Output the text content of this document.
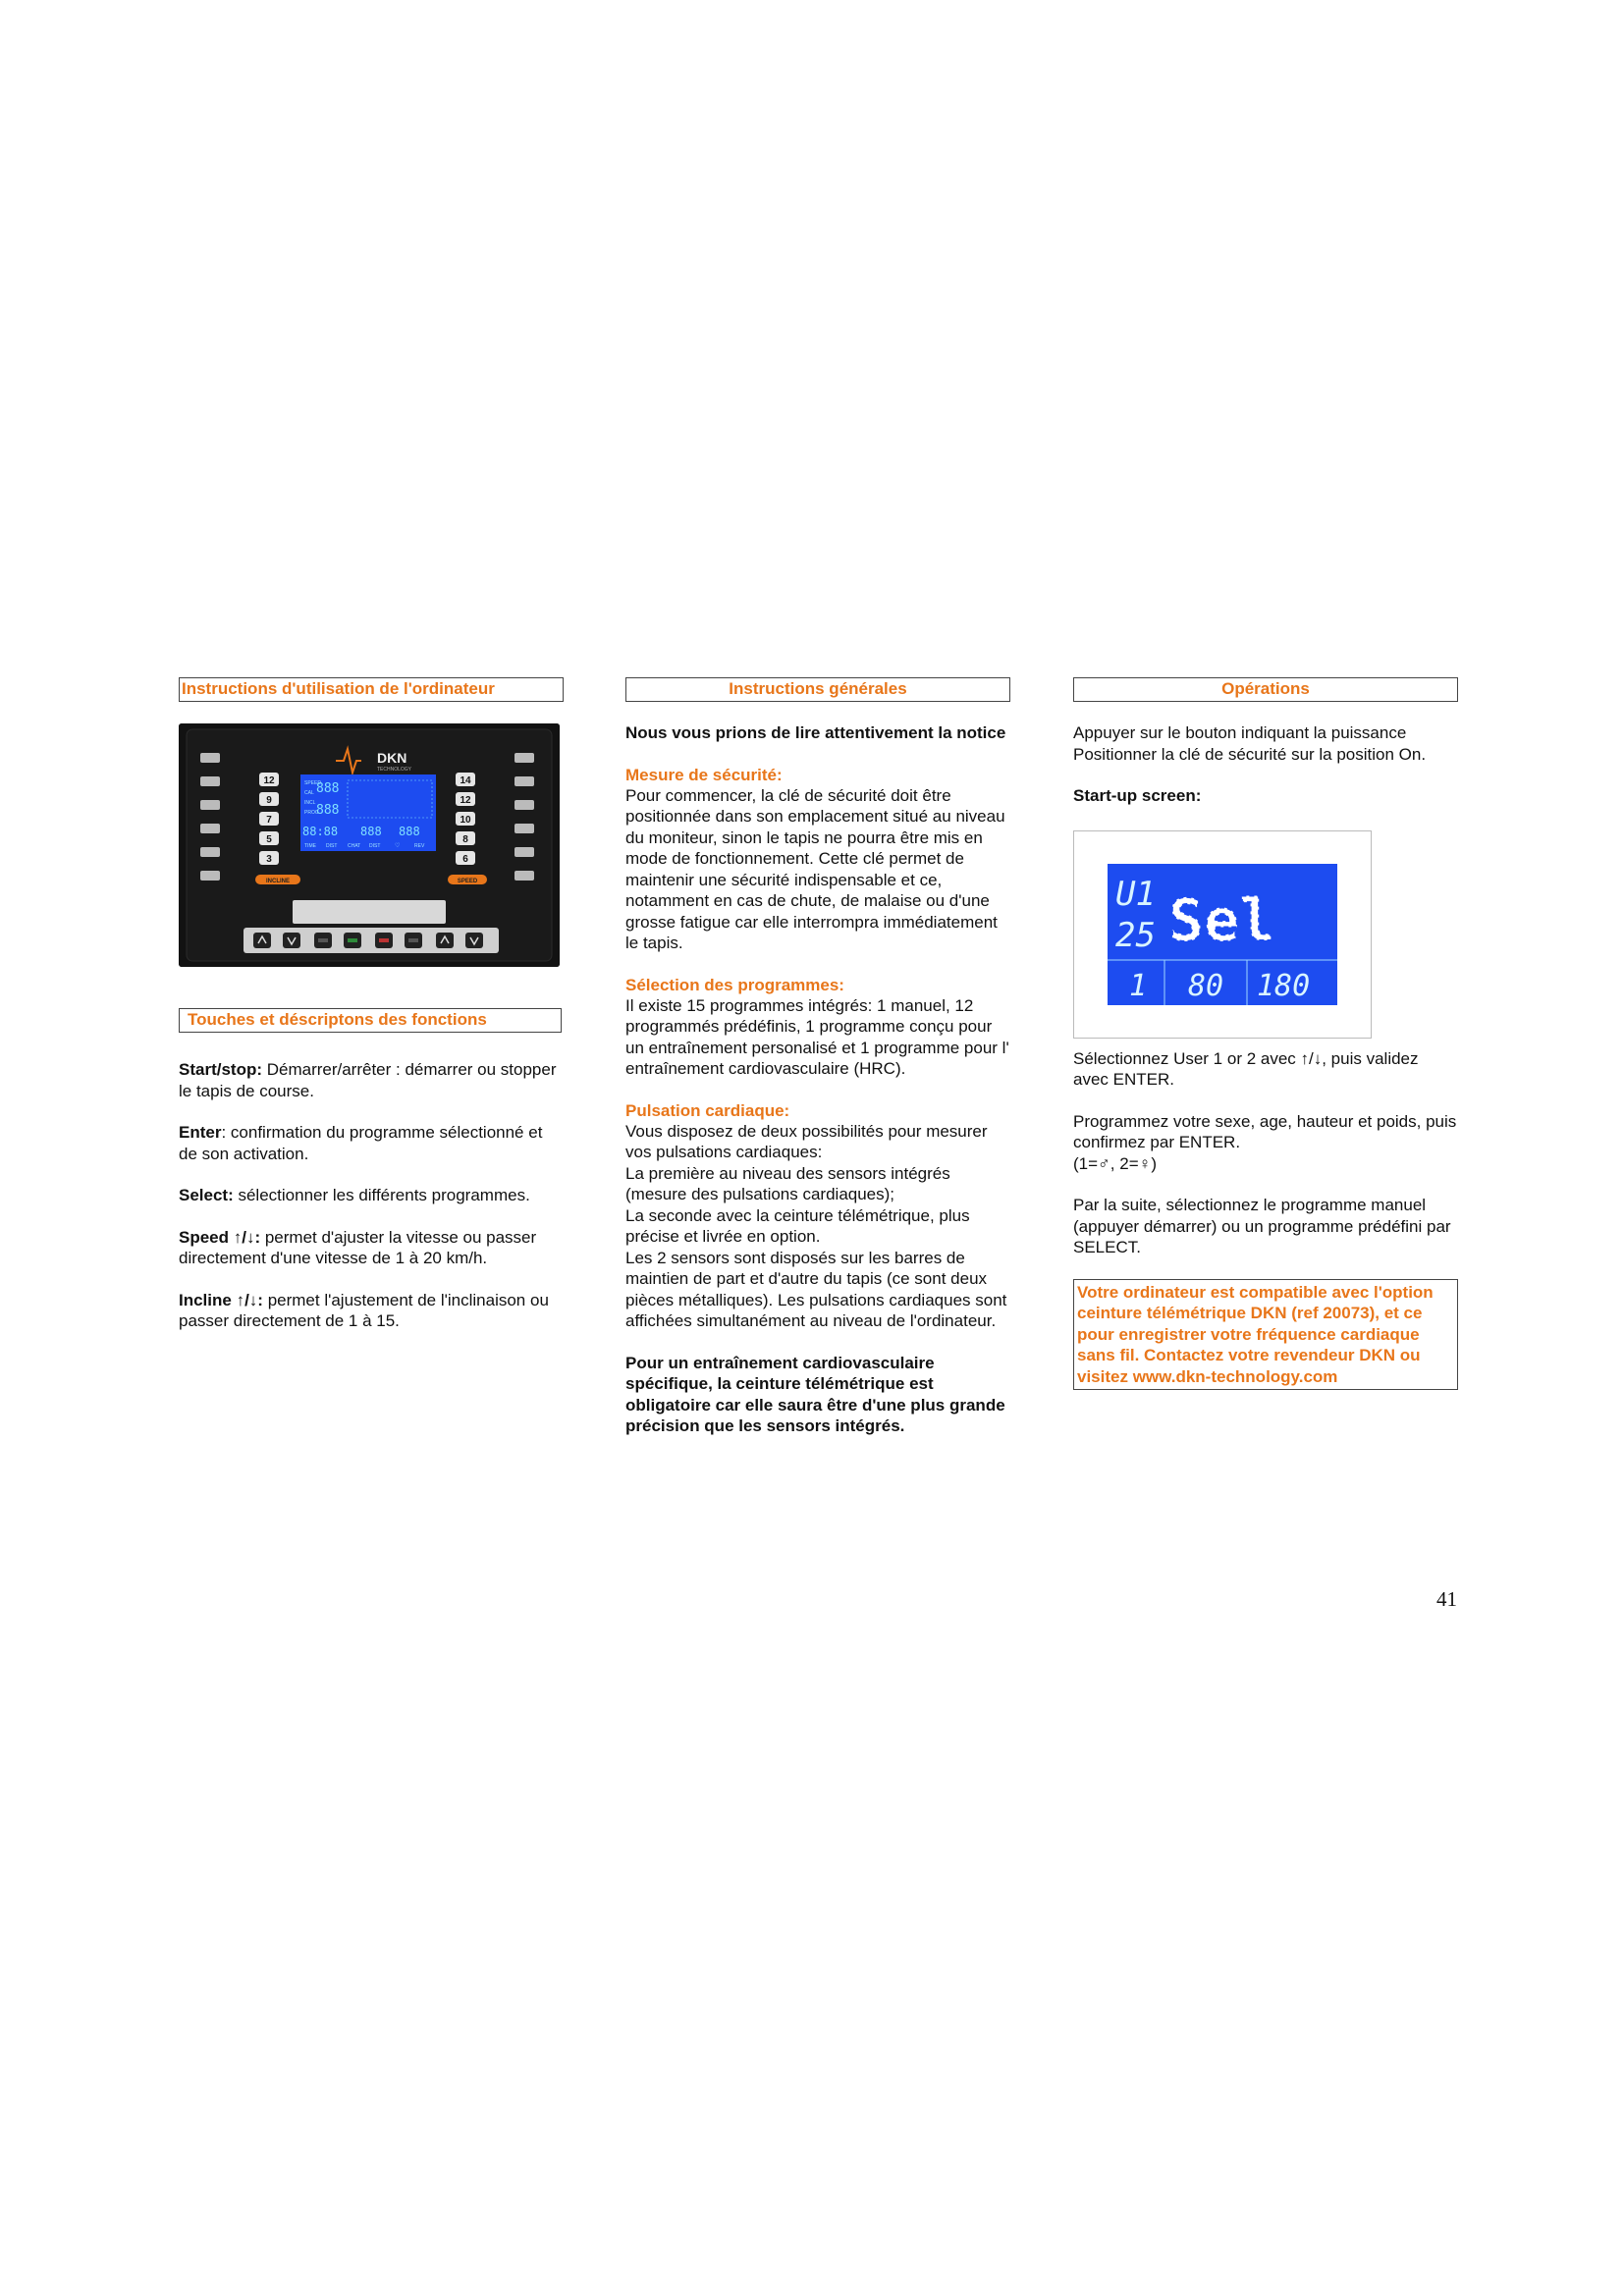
Instructions d'utilisation de l'ordinateur
12
9
7
5
3
14
12
10
8
6
DKN
TECHNOLOGY
SPEED
CAL
INCL
PROG
888
888
88:88 888 888
TIME DIST CHAT DIST ♡	REV
INCLINE	SPEED
Touches et déscriptons des fonctions

Start/stop: Démarrer/arrêter : démarrer ou stopper le tapis de course.

Enter: confirmation du programme sélectionné et de son activation.

Select: sélectionner les différents programmes.

Speed ↑/↓: permet d'ajuster la vitesse ou passer directement d'une vitesse de 1 à 20 km/h.

Incline ↑/↓: permet l'ajustement de l'inclinaison ou passer directement de 1 à 15.

Instructions générales

Nous vous prions de lire attentivement la notice

Mesure de sécurité:

Pour commencer, la clé de sécurité doit être positionnée dans son emplacement situé au niveau du moniteur, sinon le tapis ne pourra être mis en mode de fonctionnement. Cette clé permet de maintenir une sécurité indispensable et ce, notamment en cas de chute, de malaise ou d'une grosse fatigue car elle interrompra immédiatement le tapis.

Sélection des programmes:

Il existe 15 programmes intégrés: 1 manuel, 12 programmés prédéfinis, 1 programme conçu pour un entraînement personalisé et 1 programme pour l' entraînement cardiovasculaire (HRC).

Pulsation cardiaque:

Vous disposez de deux possibilités pour mesurer vos pulsations cardiaques:
La première au niveau des sensors intégrés (mesure des pulsations cardiaques);
La seconde avec la ceinture télémétrique, plus précise et livrée en option.
Les 2 sensors sont disposés sur les barres de maintien de part et d'autre du tapis (ce sont deux pièces métalliques). Les pulsations cardiaques sont affichées simultanément au niveau de l'ordinateur.

Pour un entraînement cardiovasculaire spécifique, la ceinture télémétrique est obligatoire car elle saura être d'une plus grande précision que les sensors intégrés.

Opérations

Appuyer sur le bouton indiquant la puissance Positionner la clé de sécurité sur la position On.

Start-up screen:

U1
25 Sel
1 80 180

Sélectionnez User 1 or 2 avec ↑/↓, puis validez avec ENTER.

Programmez votre sexe, age, hauteur et poids, puis confirmez par ENTER.
(1=♂, 2=♀)

Par la suite, sélectionnez le programme manuel (appuyer démarrer) ou un programme prédéfini par SELECT.

Votre ordinateur est compatible avec l'option ceinture télémétrique DKN (ref 20073), et ce pour enregistrer votre fréquence cardiaque sans fil. Contactez votre revendeur DKN ou visitez www.dkn-technology.com
41
